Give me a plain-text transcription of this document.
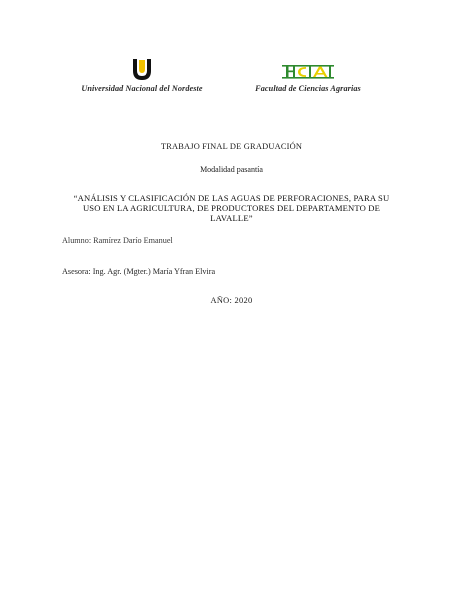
Universidad Nacional del Nordeste	Facultad de Ciencias Agrarias
TRABAJO FINAL DE GRADUACIÓN
Modalidad pasantía
“ANÁLISIS Y CLASIFICACIÓN DE LAS AGUAS DE PERFORACIONES, PARA SU USO EN LA AGRICULTURA, DE PRODUCTORES DEL DEPARTAMENTO DE LAVALLE”
Alumno: Ramírez Darío Emanuel
Asesora: Ing. Agr. (Mgter.) María Yfran Elvira
AÑO: 2020
